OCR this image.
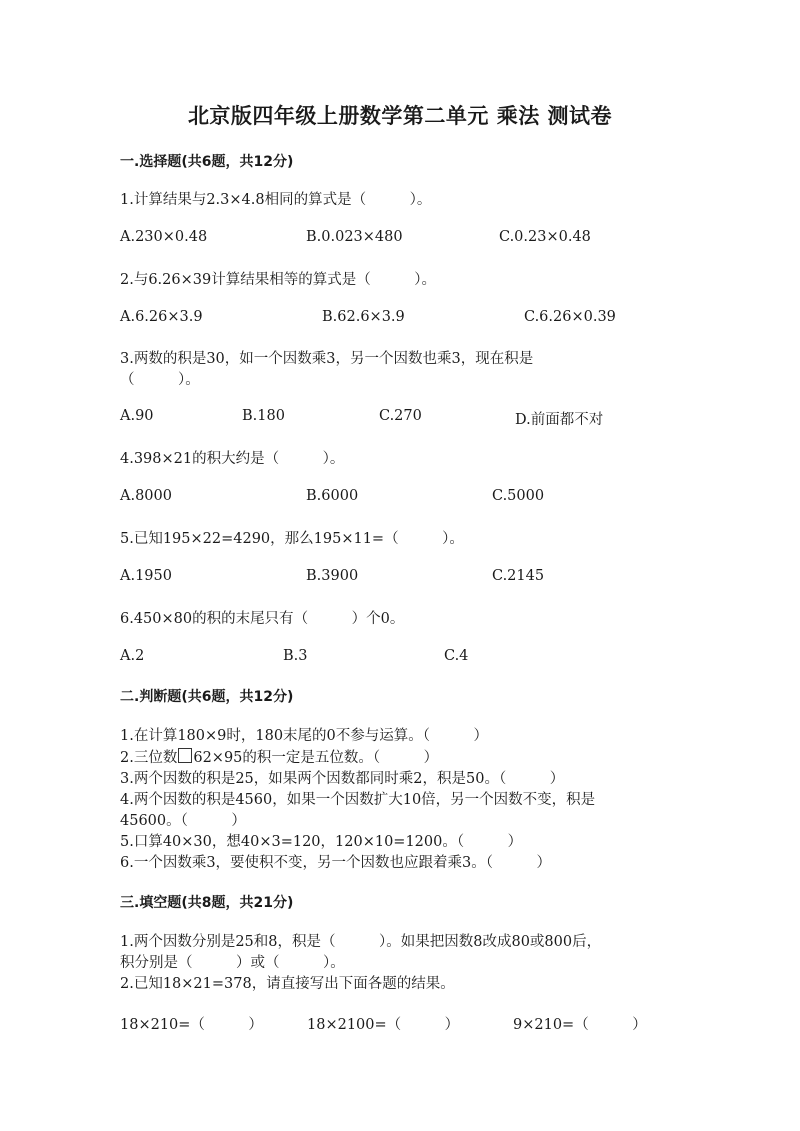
北京版四年级上册数学第二单元 乘法 测试卷
一.选择题(共6题，共12分)
1.计算结果与2.3×4.8相同的算式是（　　　）。
A.230×0.48	B.0.023×480	C.0.23×0.48
2.与6.26×39计算结果相等的算式是（　　　）。
A.6.26×3.9	B.62.6×3.9	C.6.26×0.39
3.两数的积是30，如一个因数乘3，另一个因数也乘3，现在积是
（　　　）。
A.90	B.180	C.270	D.前面都不对
4.398×21的积大约是（　　　）。
A.8000	B.6000	C.5000
5.已知195×22=4290，那么195×11=（　　　）。
A.1950	B.3900	C.2145
6.450×80的积的末尾只有（　　　）个0。
A.2	B.3	C.4
二.判断题(共6题，共12分)
1.在计算180×9时，180末尾的0不参与运算。（　　　）
2.三位数 62×95的积一定是五位数。（　　　）
3.两个因数的积是25，如果两个因数都同时乘2，积是50。（　　　）
4.两个因数的积是4560，如果一个因数扩大10倍，另一个因数不变，积是
45600。（　　　）
5.口算40×30，想40×3=120，120×10=1200。（　　　）
6.一个因数乘3，要使积不变，另一个因数也应跟着乘3。（　　　）
三.填空题(共8题，共21分)
1.两个因数分别是25和8，积是（　　　）。如果把因数8改成80或800后，
积分别是（　　　）或（　　　）。
2.已知18×21=378，请直接写出下面各题的结果。
18×210=（　　　）	18×2100=（　　　）	9×210=（　　　）
